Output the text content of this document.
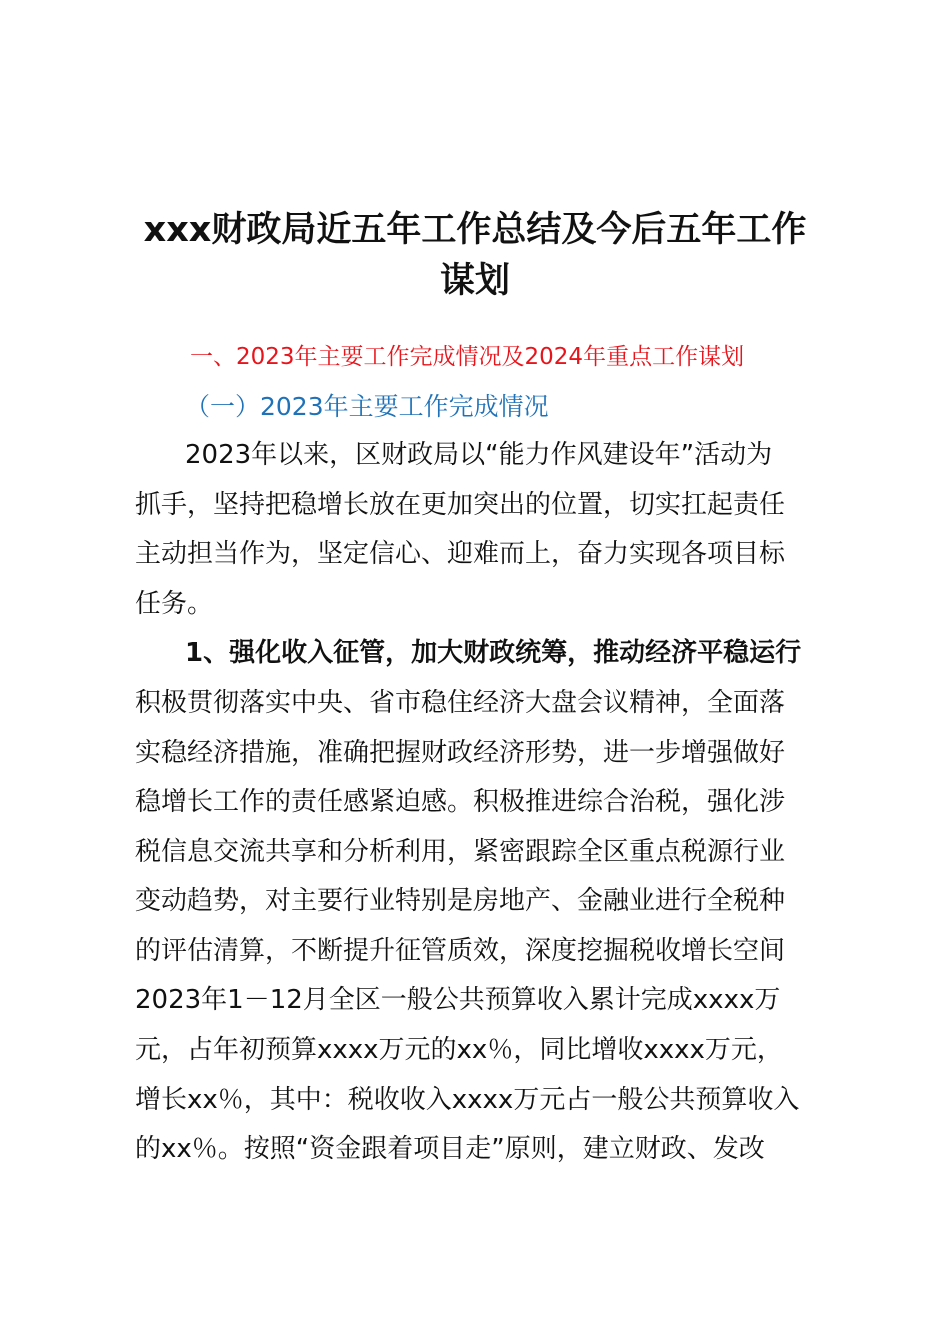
xxx财政局近五年工作总结及今后五年工作
谋划
一、2023年主要工作完成情况及2024年重点工作谋划
（一）2023年主要工作完成情况
2023年以来，区财政局以“能力作风建设年”活动为
抓手，坚持把稳增长放在更加突出的位置，切实扛起责任
主动担当作为，坚定信心、迎难而上，奋力实现各项目标
任务。
1、强化收入征管，加大财政统筹，推动经济平稳运行
积极贯彻落实中央、省市稳住经济大盘会议精神，全面落
实稳经济措施，准确把握财政经济形势，进一步增强做好
稳增长工作的责任感紧迫感。积极推进综合治税，强化涉
税信息交流共享和分析利用，紧密跟踪全区重点税源行业
变动趋势，对主要行业特别是房地产、金融业进行全税种
的评估清算，不断提升征管质效，深度挖掘税收增长空间
2023年1－12月全区一般公共预算收入累计完成xxxx万
元，占年初预算xxxx万元的xx％，同比增收xxxx万元，
增长xx％，其中：税收收入xxxx万元占一般公共预算收入
的xx％。按照“资金跟着项目走”原则，建立财政、发改
